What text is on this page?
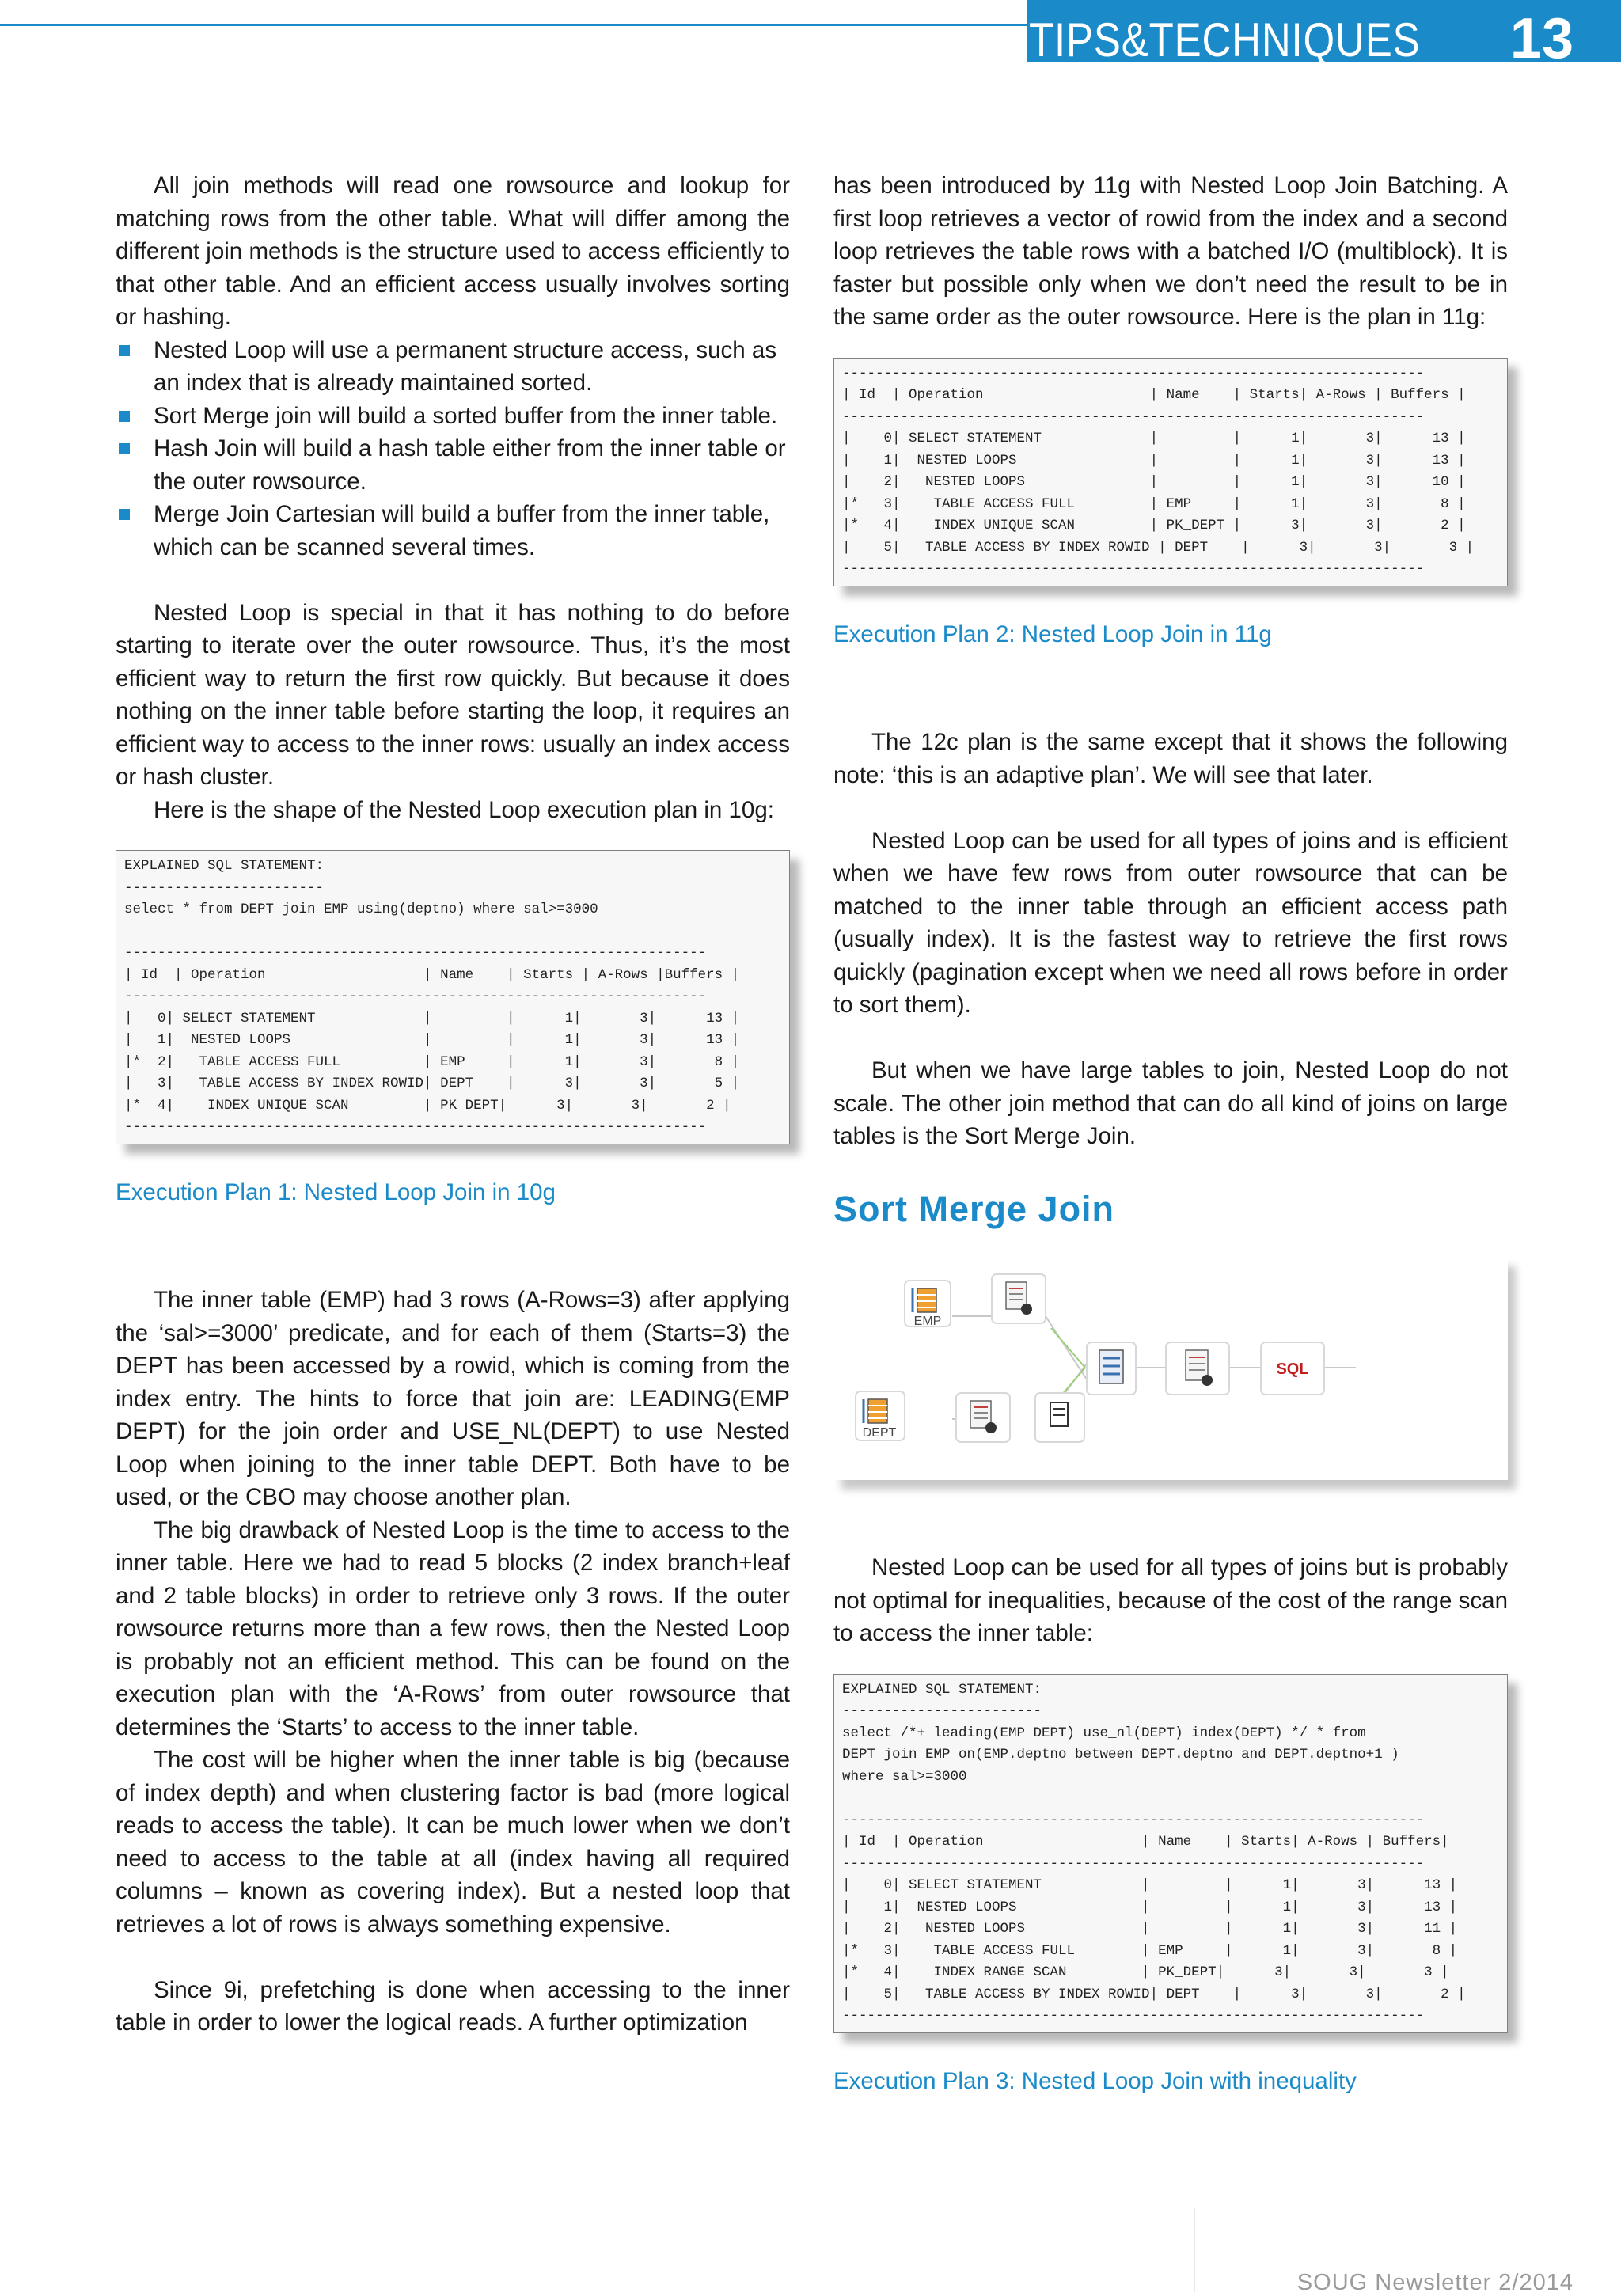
TIPS&TECHNIQUES 13

All join methods will read one rowsource and lookup for matching rows from the other table. What will differ among the different join methods is the structure used to access efficiently to that other table. And an efficient access usually involves sorting or hashing.

Nested Loop will use a permanent structure access, such as an index that is already maintained sorted.
Sort Merge join will build a sorted buffer from the inner table.
Hash Join will build a hash table either from the inner table or the outer rowsource.
Merge Join Cartesian will build a buffer from the inner table, which can be scanned several times.

Nested Loop is special in that it has nothing to do before starting to iterate over the outer rowsource. Thus, it’s the most efficient way to return the first row quickly. But because it does nothing on the inner table before starting the loop, it requires an efficient way to access to the inner rows: usually an index access or hash cluster.

Here is the shape of the Nested Loop execution plan in 10g:

EXPLAINED SQL STATEMENT:
------------------------
select * from DEPT join EMP using(deptno) where sal>=3000

----------------------------------------------------------------------
| Id  | Operation                   | Name    | Starts | A-Rows |Buffers |
----------------------------------------------------------------------
|   0| SELECT STATEMENT             |         |      1|       3|      13 |
|   1|  NESTED LOOPS                |         |      1|       3|      13 |
|*  2|   TABLE ACCESS FULL          | EMP     |      1|       3|       8 |
|   3|   TABLE ACCESS BY INDEX ROWID| DEPT    |      3|       3|       5 |
|*  4|    INDEX UNIQUE SCAN         | PK_DEPT|      3|       3|       2 |
----------------------------------------------------------------------

Execution Plan 1: Nested Loop Join in 10g

The inner table (EMP) had 3 rows (A-Rows=3) after applying the ‘sal>=3000’ predicate, and for each of them (Starts=3) the DEPT has been accessed by a rowid, which is coming from the index entry. The hints to force that join are: LEADING(EMP DEPT) for the join order and USE_NL(DEPT) to use Nested Loop when joining to the inner table DEPT. Both have to be used, or the CBO may choose another plan.

The big drawback of Nested Loop is the time to access to the inner table. Here we had to read 5 blocks (2 index branch+leaf and 2 table blocks) in order to retrieve only 3 rows. If the outer rowsource returns more than a few rows, then the Nested Loop is probably not an efficient method. This can be found on the execution plan with the ‘A-Rows’ from outer rowsource that determines the ‘Starts’ to access to the inner table.

The cost will be higher when the inner table is big (because of index depth) and when clustering factor is bad (more logical reads to access the table). It can be much lower when we don’t need to access to the table at all (index having all required columns – known as covering index). But a nested loop that retrieves a lot of rows is always something expensive.

Since 9i, prefetching is done when accessing to the inner table in order to lower the logical reads. A further optimization

has been introduced by 11g with Nested Loop Join Batching. A first loop retrieves a vector of rowid from the index and a second loop retrieves the table rows with a batched I/O (multiblock). It is faster but possible only when we don’t need the result to be in the same order as the outer rowsource. Here is the plan in 11g:

----------------------------------------------------------------------
| Id  | Operation                    | Name    | Starts| A-Rows | Buffers |
----------------------------------------------------------------------
|    0| SELECT STATEMENT             |         |      1|       3|      13 |
|    1|  NESTED LOOPS                |         |      1|       3|      13 |
|    2|   NESTED LOOPS               |         |      1|       3|      10 |
|*   3|    TABLE ACCESS FULL         | EMP     |      1|       3|       8 |
|*   4|    INDEX UNIQUE SCAN         | PK_DEPT |      3|       3|       2 |
|    5|   TABLE ACCESS BY INDEX ROWID | DEPT    |      3|       3|       3 |
----------------------------------------------------------------------

Execution Plan 2: Nested Loop Join in 11g

The 12c plan is the same except that it shows the following note: ‘this is an adaptive plan’. We will see that later.

Nested Loop can be used for all types of joins and is efficient when we have few rows from outer rowsource that can be matched to the inner table through an efficient access path (usually index). It is the fastest way to retrieve the first rows quickly (pagination except when we need all rows before in order to sort them).

But when we have large tables to join, Nested Loop do not scale. The other join method that can do all kind of joins on large tables is the Sort Merge Join.

Sort Merge Join

EMP
DEPT
SQL

Nested Loop can be used for all types of joins but is probably not optimal for inequalities, because of the cost of the range scan to access the inner table:

EXPLAINED SQL STATEMENT:
------------------------
select /*+ leading(EMP DEPT) use_nl(DEPT) index(DEPT) */ * from
DEPT join EMP on(EMP.deptno between DEPT.deptno and DEPT.deptno+1 )
where sal>=3000

----------------------------------------------------------------------
| Id  | Operation                   | Name    | Starts| A-Rows | Buffers|
----------------------------------------------------------------------
|    0| SELECT STATEMENT            |         |      1|       3|      13 |
|    1|  NESTED LOOPS               |         |      1|       3|      13 |
|    2|   NESTED LOOPS              |         |      1|       3|      11 |
|*   3|    TABLE ACCESS FULL        | EMP     |      1|       3|       8 |
|*   4|    INDEX RANGE SCAN         | PK_DEPT|      3|       3|       3 |
|    5|   TABLE ACCESS BY INDEX ROWID| DEPT    |      3|       3|       2 |
----------------------------------------------------------------------

Execution Plan 3: Nested Loop Join with inequality

SOUG Newsletter 2/2014
